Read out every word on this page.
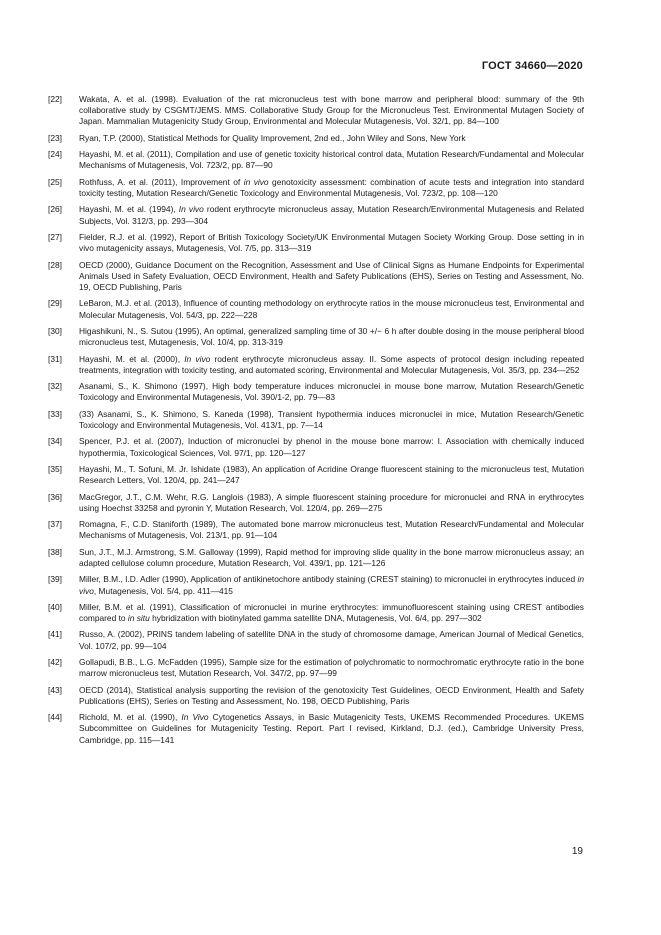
ГОСТ 34660—2020
[22]	Wakata, A. et al. (1998). Evaluation of the rat micronucleus test with bone marrow and peripheral blood: summary of the 9th collaborative study by CSGMT/JEMS. MMS. Collaborative Study Group for the Micronucleus Test. Environmental Mutagen Society of Japan. Mammalian Mutagenicity Study Group, Environmental and Molecular Mutagenesis, Vol. 32/1, pp. 84—100
[23]	Ryan, T.P. (2000), Statistical Methods for Quality Improvement, 2nd ed., John Wiley and Sons, New York
[24]	Hayashi, M. et al. (2011), Compilation and use of genetic toxicity historical control data, Mutation Research/Fundamental and Molecular Mechanisms of Mutagenesis, Vol. 723/2, pp. 87—90
[25]	Rothfuss, A. et al. (2011), Improvement of in vivo genotoxicity assessment: combination of acute tests and integration into standard toxicity testing, Mutation Research/Genetic Toxicology and Environmental Mutagenesis, Vol. 723/2, pp. 108—120
[26]	Hayashi, M. et al. (1994), In vivo rodent erythrocyte micronucleus assay, Mutation Research/Environmental Mutagenesis and Related Subjects, Vol. 312/3, pp. 293—304
[27]	Fielder, R.J. et al. (1992), Report of British Toxicology Society/UK Environmental Mutagen Society Working Group. Dose setting in in vivo mutagenicity assays, Mutagenesis, Vol. 7/5, pp. 313—319
[28]	OECD (2000), Guidance Document on the Recognition, Assessment and Use of Clinical Signs as Humane Endpoints for Experimental Animals Used in Safety Evaluation, OECD Environment, Health and Safety Publications (EHS), Series on Testing and Assessment, No. 19, OECD Publishing, Paris
[29]	LeBaron, M.J. et al. (2013), Influence of counting methodology on erythrocyte ratios in the mouse micronucleus test, Environmental and Molecular Mutagenesis, Vol. 54/3, pp. 222—228
[30]	Higashikuni, N., S. Sutou (1995), An optimal, generalized sampling time of 30 +/− 6 h after double dosing in the mouse peripheral blood micronucleus test, Mutagenesis, Vol. 10/4, pp. 313-319
[31]	Hayashi, M. et al. (2000), In vivo rodent erythrocyte micronucleus assay. II. Some aspects of protocol design including repeated treatments, integration with toxicity testing, and automated scoring, Environmental and Molecular Mutagenesis, Vol. 35/3, pp. 234—252
[32]	Asanami, S., K. Shimono (1997), High body temperature induces micronuclei in mouse bone marrow, Mutation Research/Genetic Toxicology and Environmental Mutagenesis, Vol. 390/1-2, pp. 79—83
[33]	(33) Asanami, S., K. Shimono, S. Kaneda (1998), Transient hypothermia induces micronuclei in mice, Mutation Research/Genetic Toxicology and Environmental Mutagenesis, Vol. 413/1, pp. 7—14
[34]	Spencer, P.J. et al. (2007), Induction of micronuclei by phenol in the mouse bone marrow: I. Association with chemically induced hypothermia, Toxicological Sciences, Vol. 97/1, pp. 120—127
[35]	Hayashi, M., T. Sofuni, M. Jr. Ishidate (1983), An application of Acridine Orange fluorescent staining to the micronucleus test, Mutation Research Letters, Vol. 120/4, pp. 241—247
[36]	MacGregor, J.T., C.M. Wehr, R.G. Langlois (1983), A simple fluorescent staining procedure for micronuclei and RNA in erythrocytes using Hoechst 33258 and pyronin Y, Mutation Research, Vol. 120/4, pp. 269—275
[37]	Romagna, F., C.D. Staniforth (1989), The automated bone marrow micronucleus test, Mutation Research/Fundamental and Molecular Mechanisms of Mutagenesis, Vol. 213/1, pp. 91—104
[38]	Sun, J.T., M.J. Armstrong, S.M. Galloway (1999), Rapid method for improving slide quality in the bone marrow micronucleus assay; an adapted cellulose column procedure, Mutation Research, Vol. 439/1, pp. 121—126
[39]	Miller, B.M., I.D. Adler (1990), Application of antikinetochore antibody staining (CREST staining) to micronuclei in erythrocytes induced in vivo, Mutagenesis, Vol. 5/4, pp. 411—415
[40]	Miller, B.M. et al. (1991), Classification of micronuclei in murine erythrocytes: immunofluorescent staining using CREST antibodies compared to in situ hybridization with biotinylated gamma satellite DNA, Mutagenesis, Vol. 6/4, pp. 297—302
[41]	Russo, A. (2002), PRINS tandem labeling of satellite DNA in the study of chromosome damage, American Journal of Medical Genetics, Vol. 107/2, pp. 99—104
[42]	Gollapudi, B.B., L.G. McFadden (1995), Sample size for the estimation of polychromatic to normochromatic erythrocyte ratio in the bone marrow micronucleus test, Mutation Research, Vol. 347/2, pp. 97—99
[43]	OECD (2014), Statistical analysis supporting the revision of the genotoxicity Test Guidelines, OECD Environment, Health and Safety Publications (EHS), Series on Testing and Assessment, No. 198, OECD Publishing, Paris
[44]	Richold, M. et al. (1990), In Vivo Cytogenetics Assays, in Basic Mutagenicity Tests, UKEMS Recommended Procedures. UKEMS Subcommittee on Guidelines for Mutagenicity Testing. Report. Part I revised, Kirkland, D.J. (ed.), Cambridge University Press, Cambridge, pp. 115—141
19
